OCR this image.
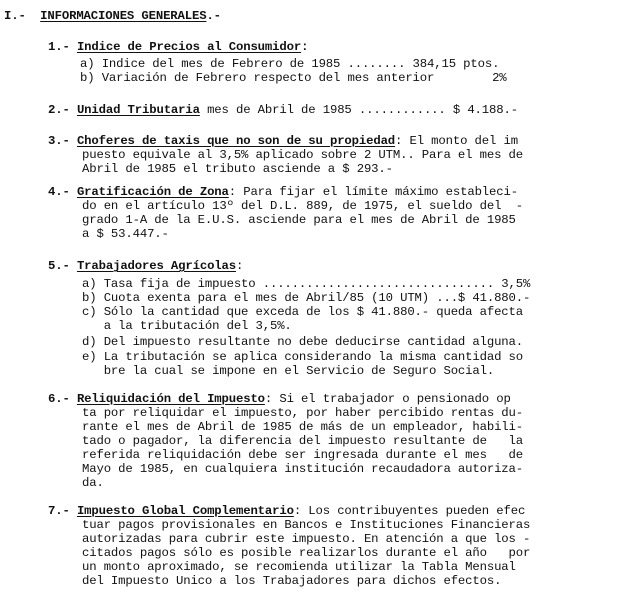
I.- INFORMACIONES GENERALES.-
1.- Indice de Precios al Consumidor:
a) Indice del mes de Febrero de 1985 ........ 384,15 ptos.
b) Variación de Febrero respecto del mes anterior        2%
2.- Unidad Tributaria mes de Abril de 1985 ............ $ 4.188.-
3.- Choferes de taxis que no son de su propiedad: El monto del im
puesto equivale al 3,5% aplicado sobre 2 UTM.. Para el mes de
Abril de 1985 el tributo asciende a $ 293.-
4.- Gratificación de Zona: Para fijar el límite máximo estableci-
do en el artículo 13º del D.L. 889, de 1975, el sueldo del  -
grado 1-A de la E.U.S. asciende para el mes de Abril de 1985
a $ 53.447.-
5.- Trabajadores Agrícolas:
a) Tasa fija de impuesto ................................ 3,5%
b) Cuota exenta para el mes de Abril/85 (10 UTM) ...$ 41.880.-
c) Sólo la cantidad que exceda de los $ 41.880.- queda afecta
a la tributación del 3,5%.
d) Del impuesto resultante no debe deducirse cantidad alguna.
e) La tributación se aplica considerando la misma cantidad so
bre la cual se impone en el Servicio de Seguro Social.
6.- Reliquidación del Impuesto: Si el trabajador o pensionado op
ta por reliquidar el impuesto, por haber percibido rentas du-
rante el mes de Abril de 1985 de más de un empleador, habili-
tado o pagador, la diferencia del impuesto resultante de   la
referida reliquidación debe ser ingresada durante el mes   de
Mayo de 1985, en cualquiera institución recaudadora autoriza-
da.
7.- Impuesto Global Complementario: Los contribuyentes pueden efec
tuar pagos provisionales en Bancos e Instituciones Financieras
autorizadas para cubrir este impuesto. En atención a que los -
citados pagos sólo es posible realizarlos durante el año   por
un monto aproximado, se recomienda utilizar la Tabla Mensual
del Impuesto Unico a los Trabajadores para dichos efectos.
